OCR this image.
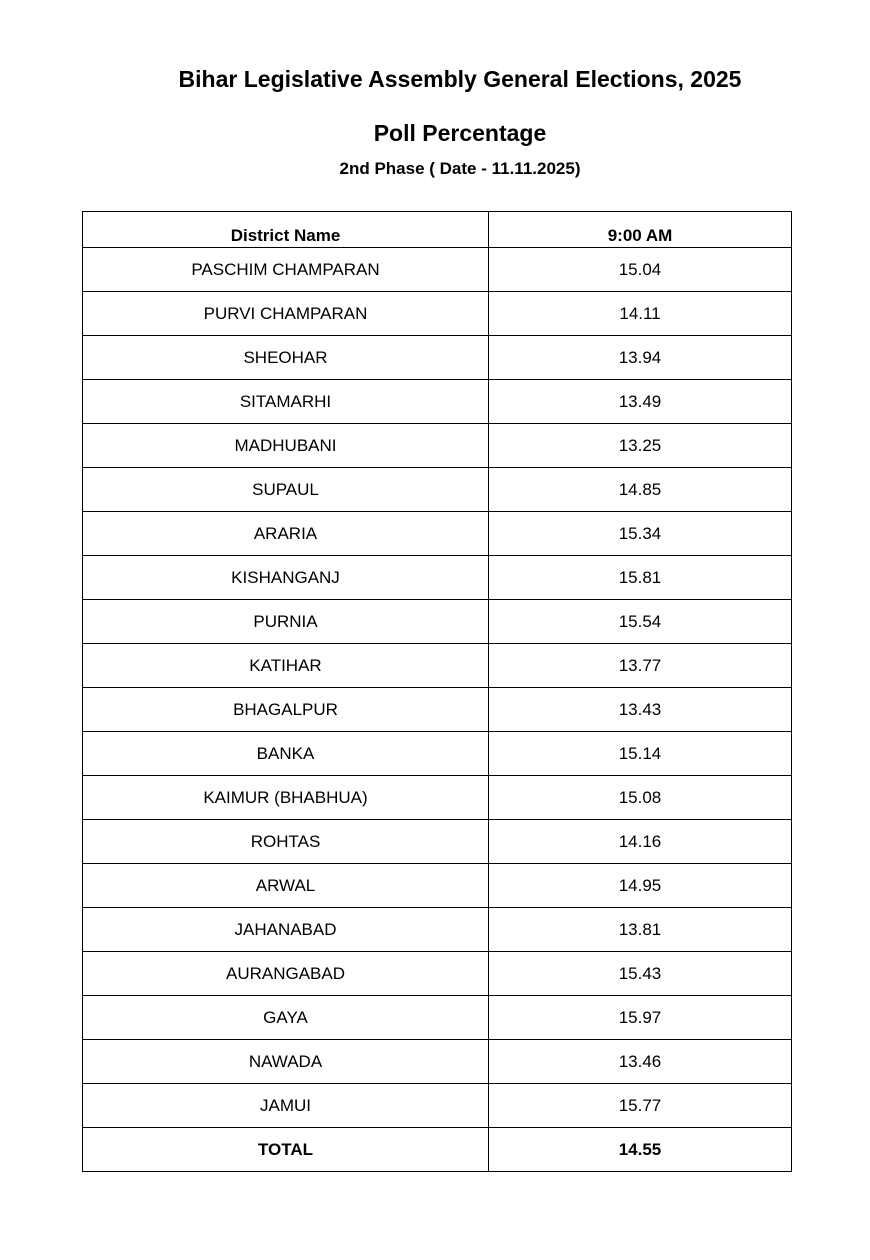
Bihar Legislative Assembly General Elections, 2025
Poll Percentage
2nd Phase ( Date - 11.11.2025)
District Name	9:00 AM
PASCHIM CHAMPARAN	15.04
PURVI CHAMPARAN	14.11
SHEOHAR	13.94
SITAMARHI	13.49
MADHUBANI	13.25
SUPAUL	14.85
ARARIA	15.34
KISHANGANJ	15.81
PURNIA	15.54
KATIHAR	13.77
BHAGALPUR	13.43
BANKA	15.14
KAIMUR (BHABHUA)	15.08
ROHTAS	14.16
ARWAL	14.95
JAHANABAD	13.81
AURANGABAD	15.43
GAYA	15.97
NAWADA	13.46
JAMUI	15.77
TOTAL	14.55
